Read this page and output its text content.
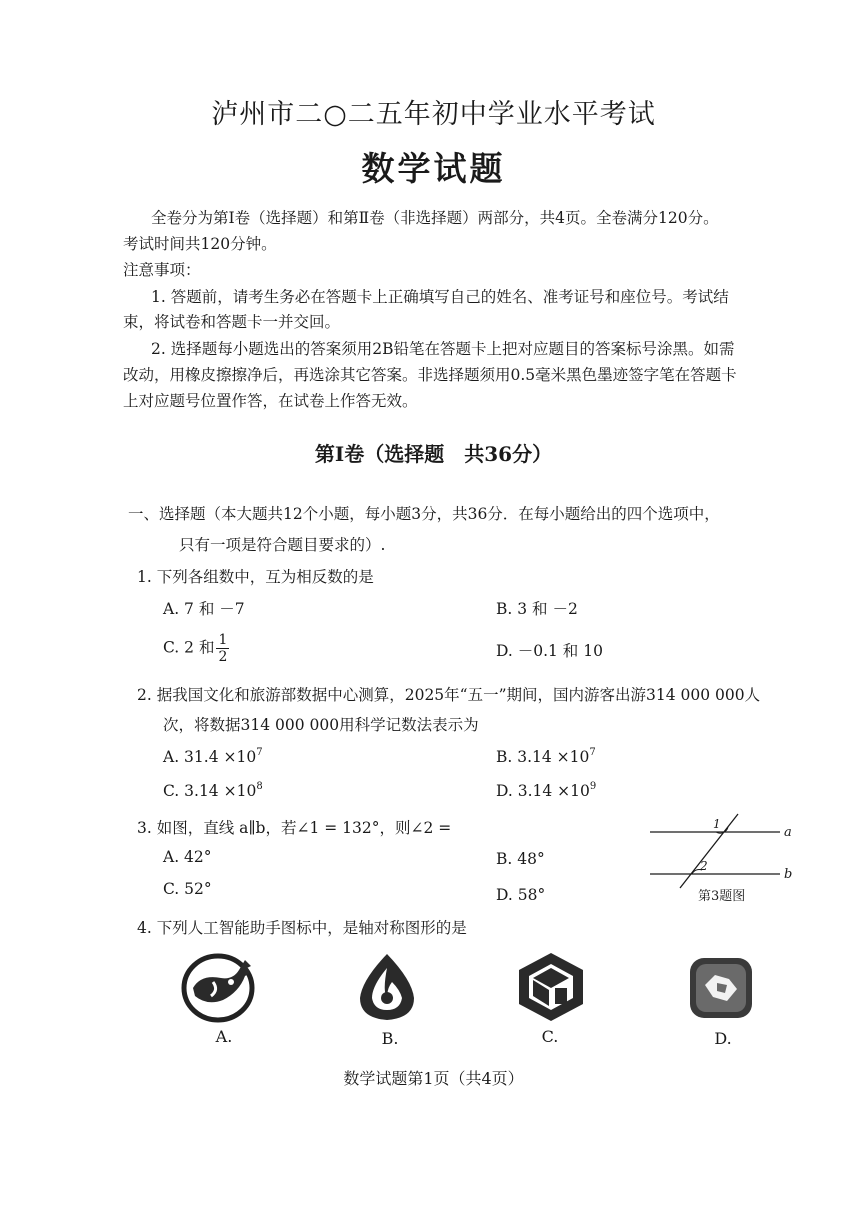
泸州市二○二五年初中学业水平考试
数学试题
全卷分为第Ⅰ卷（选择题）和第Ⅱ卷（非选择题）两部分，共4页。全卷满分120分。
考试时间共120分钟。
注意事项：
1. 答题前，请考生务必在答题卡上正确填写自己的姓名、准考证号和座位号。考试结
束，将试卷和答题卡一并交回。
2. 选择题每小题选出的答案须用2B铅笔在答题卡上把对应题目的答案标号涂黑。如需
改动，用橡皮擦擦净后，再选涂其它答案。非选择题须用0.5毫米黑色墨迹签字笔在答题卡
上对应题号位置作答，在试卷上作答无效。
第Ⅰ卷（选择题　共36分）
一、选择题（本大题共12个小题，每小题3分，共36分．在每小题给出的四个选项中，
只有一项是符合题目要求的）.
1. 下列各组数中，互为相反数的是
A. 7 和 －7	B. 3 和 －2
C. 2 和 $\frac{1}{2}$	D. －0.1 和 10
2. 据我国文化和旅游部数据中心测算，2025年“五一”期间，国内游客出游314 000 000人
次，将数据314 000 000用科学记数法表示为
A. $31.4 \times 10^7$	B. $3.14 \times 10^7$
C. $3.14 \times 10^8$	D. $3.14 \times 10^9$
3. 如图，直线 a∥b，若∠1 = 132°，则∠2 =
A. 42°	B. 48°
C. 52°	D. 58°
1
2
a
b
第3题图
4. 下列人工智能助手图标中，是轴对称图形的是
A.	B.	C.	D.
数学试题第1页（共4页）
